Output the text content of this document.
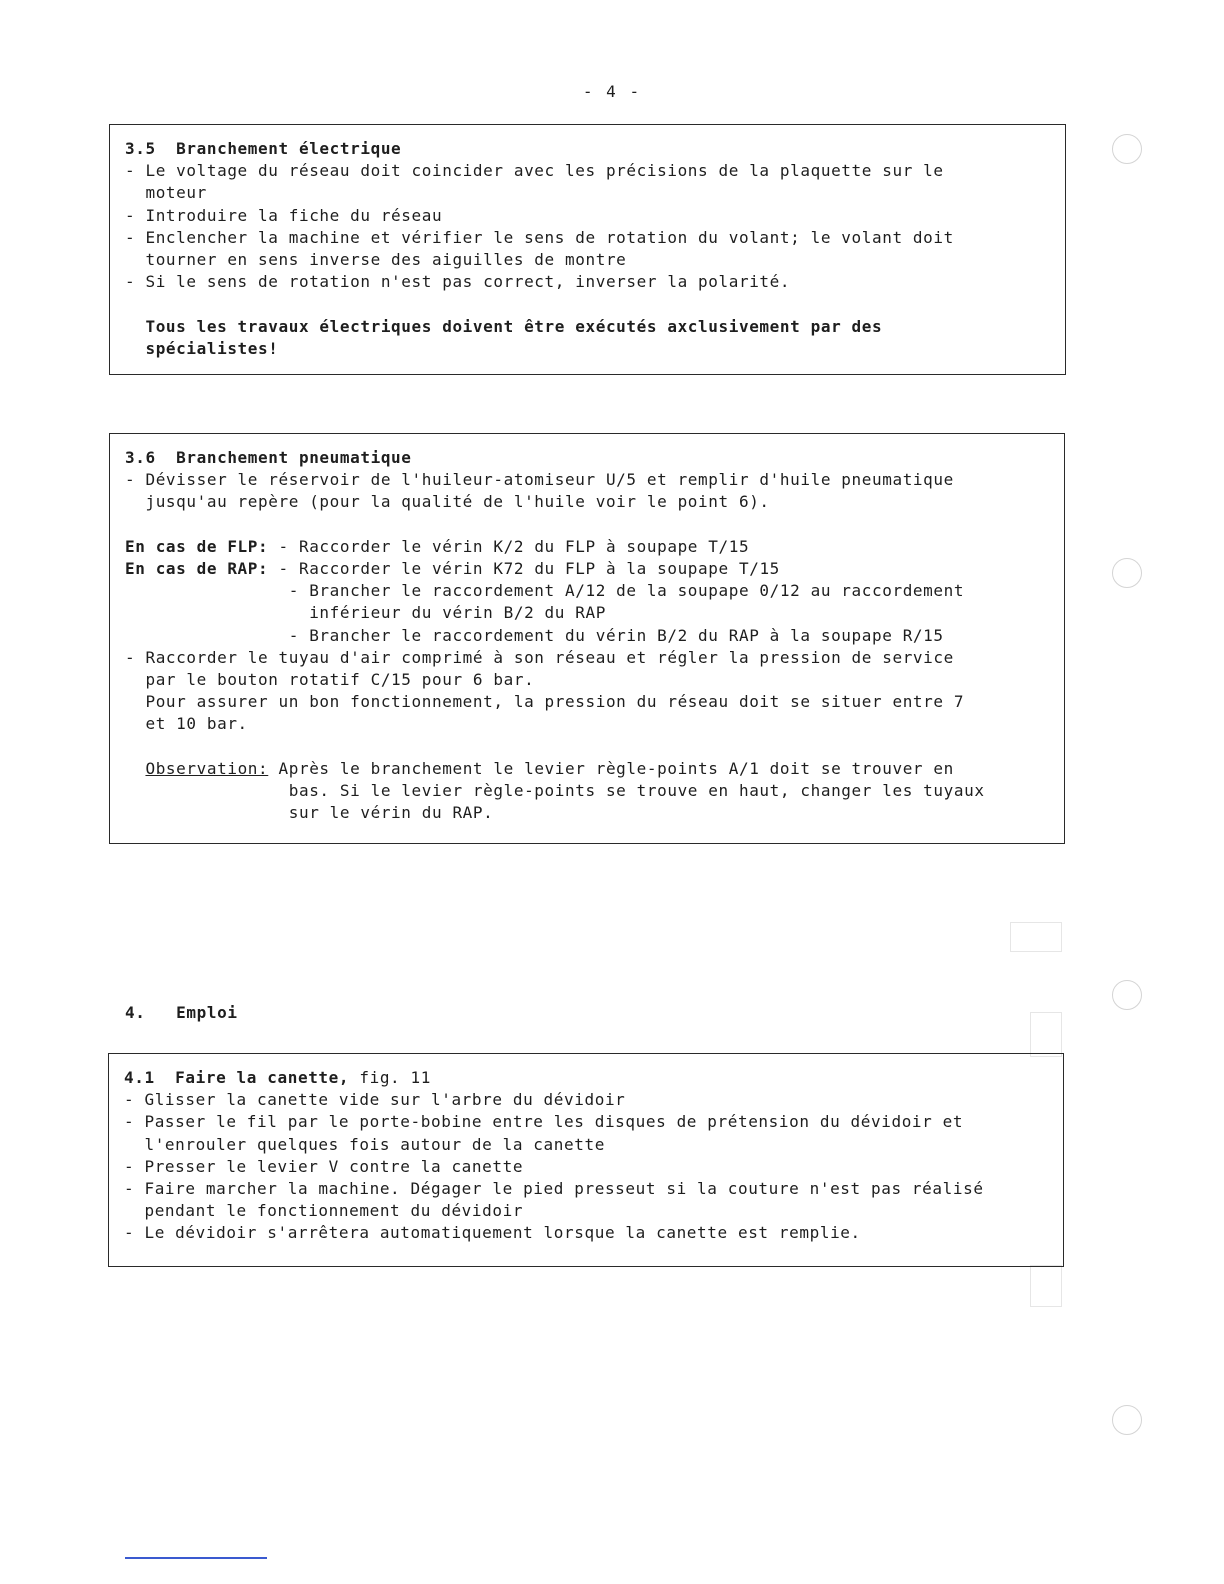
- 4 -
3.5  Branchement électrique
- Le voltage du réseau doit coincider avec les précisions de la plaquette sur le
moteur
- Introduire la fiche du réseau
- Enclencher la machine et vérifier le sens de rotation du volant; le volant doit
tourner en sens inverse des aiguilles de montre
- Si le sens de rotation n'est pas correct, inverser la polarité.
Tous les travaux électriques doivent être exécutés axclusivement par des
spécialistes!
3.6  Branchement pneumatique
- Dévisser le réservoir de l'huileur-atomiseur U/5 et remplir d'huile pneumatique
jusqu'au repère (pour la qualité de l'huile voir le point 6).
En cas de FLP: - Raccorder le vérin K/2 du FLP à soupape T/15
En cas de RAP: - Raccorder le vérin K72 du FLP à la soupape T/15
- Brancher le raccordement A/12 de la soupape 0/12 au raccordement
inférieur du vérin B/2 du RAP
- Brancher le raccordement du vérin B/2 du RAP à la soupape R/15
- Raccorder le tuyau d'air comprimé à son réseau et régler la pression de service
par le bouton rotatif C/15 pour 6 bar.
Pour assurer un bon fonctionnement, la pression du réseau doit se situer entre 7
et 10 bar.
Observation: Après le branchement le levier règle-points A/1 doit se trouver en
bas. Si le levier règle-points se trouve en haut, changer les tuyaux
sur le vérin du RAP.
4.   Emploi
4.1  Faire la canette, fig. 11
- Glisser la canette vide sur l'arbre du dévidoir
- Passer le fil par le porte-bobine entre les disques de prétension du dévidoir et
l'enrouler quelques fois autour de la canette
- Presser le levier V contre la canette
- Faire marcher la machine. Dégager le pied presseut si la couture n'est pas réalisé
pendant le fonctionnement du dévidoir
- Le dévidoir s'arrêtera automatiquement lorsque la canette est remplie.
